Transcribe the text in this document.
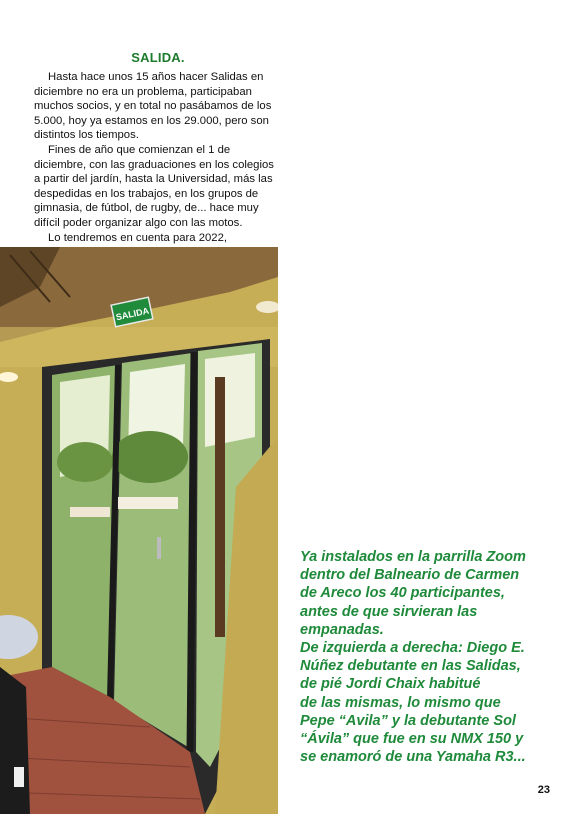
SALIDA.

Hasta hace unos 15 años hacer Salidas en diciembre no era un problema, participaban muchos socios, y en total no pasábamos de los 5.000, hoy ya estamos en los 29.000, pero son distintos los tiempos.

Fines de año que comienzan el 1 de diciembre, con las graduaciones en los colegios a partir del jardín, hasta la Universidad, más las despedidas en los trabajos, en los grupos de gimnasia, de fútbol, de rugby, de... hace muy difícil poder organizar algo con las motos.

Lo tendremos en cuenta para 2022,

SALIDA

Ya instalados en la parrilla Zoom
dentro del Balneario de Carmen
de Areco los 40 participantes,
antes de que sirvieran las
empanadas.
De izquierda a derecha: Diego E.
Núñez debutante en las Salidas,
de pié Jordi Chaix habitué
de las mismas, lo mismo que
Pepe “Avila” y la debutante Sol
“Ávila” que fue en su NMX 150 y
se enamoró de una Yamaha R3...

23
